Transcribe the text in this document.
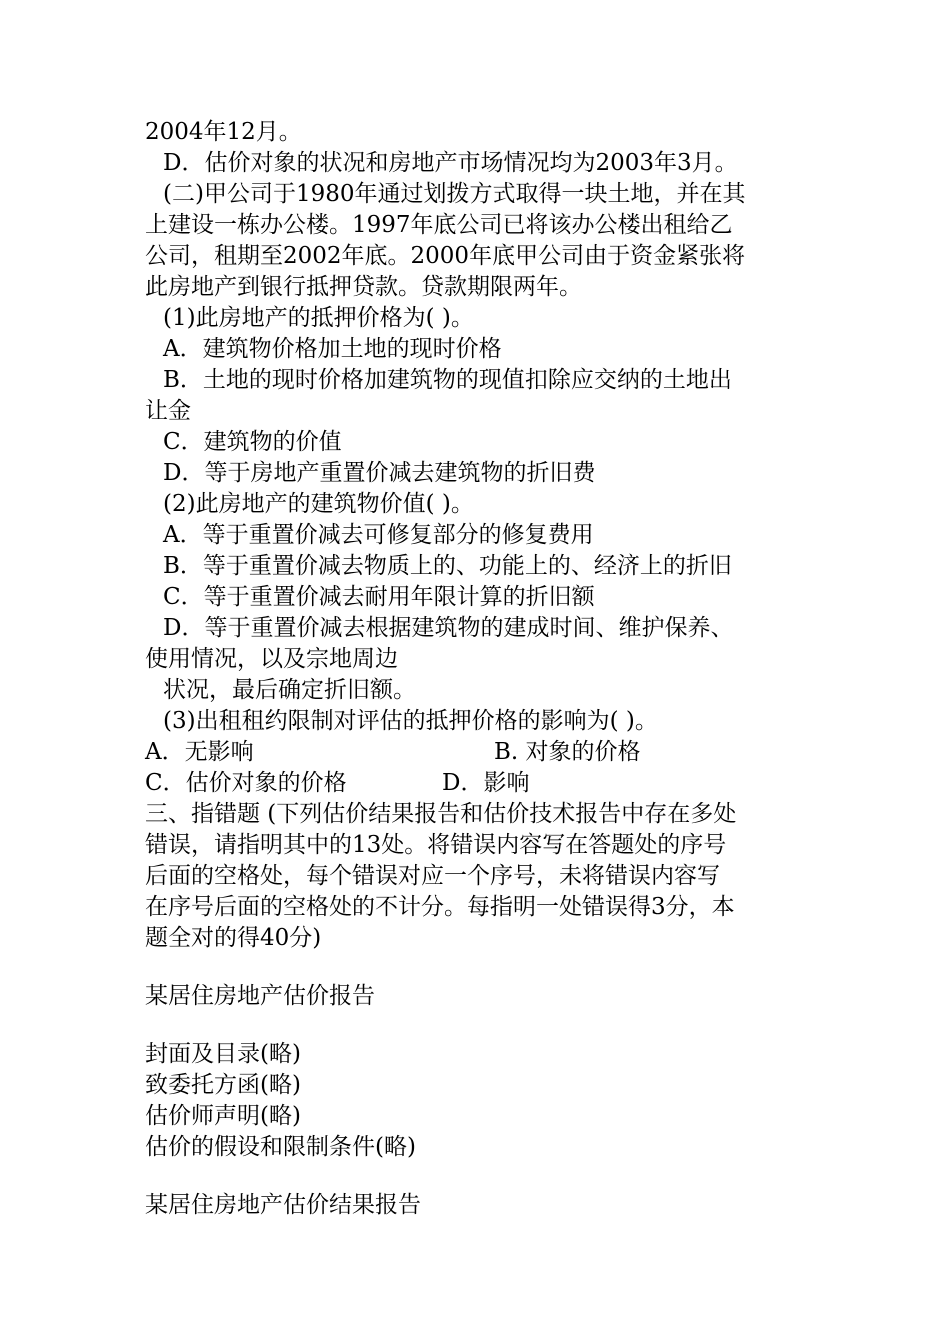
2004年12月。
D．估价对象的状况和房地产市场情况均为2003年3月。
(二)甲公司于1980年通过划拨方式取得一块土地，并在其
上建设一栋办公楼。1997年底公司已将该办公楼出租给乙
公司，租期至2002年底。2000年底甲公司由于资金紧张将
此房地产到银行抵押贷款。贷款期限两年。
(1)此房地产的抵押价格为( )。
A．建筑物价格加土地的现时价格
B．土地的现时价格加建筑物的现值扣除应交纳的土地出
让金
C．建筑物的价值
D．等于房地产重置价减去建筑物的折旧费
(2)此房地产的建筑物价值( )。
A．等于重置价减去可修复部分的修复费用
B．等于重置价减去物质上的、功能上的、经济上的折旧
C．等于重置价减去耐用年限计算的折旧额
D．等于重置价减去根据建筑物的建成时间、维护保养、
使用情况，以及宗地周边
状况，最后确定折旧额。
(3)出租租约限制对评估的抵押价格的影响为( )。
A．无影响	B. 对象的价格
C．估价对象的价格	D．影响
三、指错题 (下列估价结果报告和估价技术报告中存在多处
错误，请指明其中的13处。将错误内容写在答题处的序号
后面的空格处，每个错误对应一个序号，未将错误内容写
在序号后面的空格处的不计分。每指明一处错误得3分，本
题全对的得40分)
某居住房地产估价报告
封面及目录(略)
致委托方函(略)
估价师声明(略)
估价的假设和限制条件(略)
某居住房地产估价结果报告
